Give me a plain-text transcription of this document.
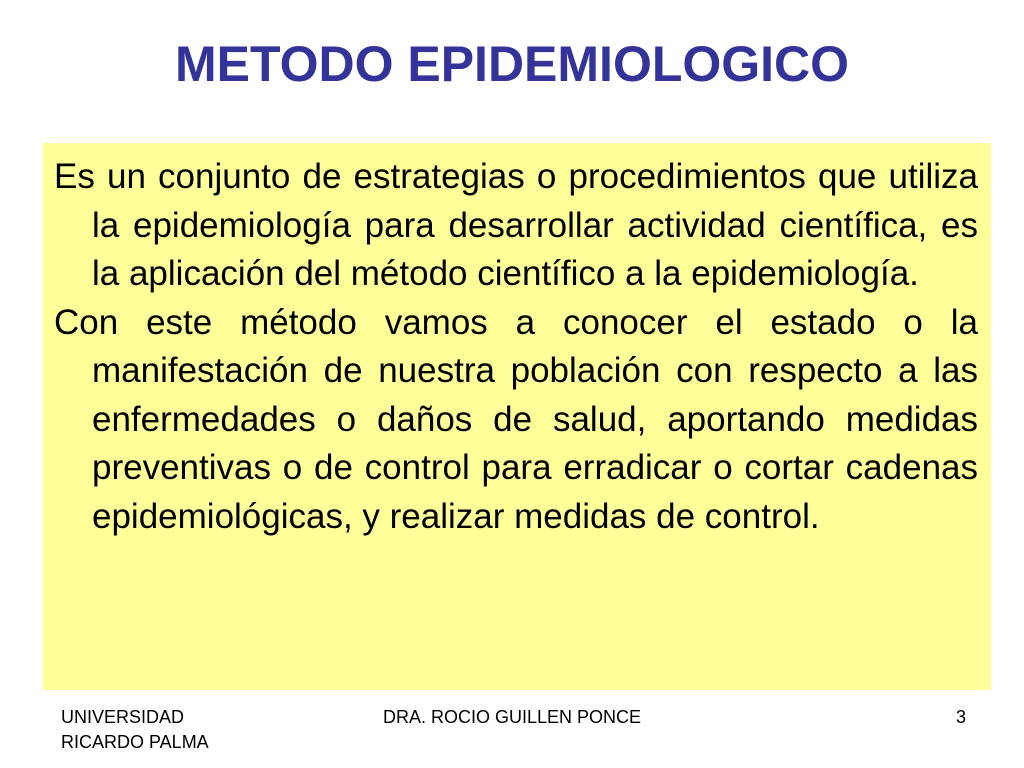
METODO EPIDEMIOLOGICO

Es un conjunto de estrategias o procedimientos que utiliza la epidemiología para desarrollar actividad científica, es la aplicación del método científico a la epidemiología.

Con este método vamos a conocer el estado o la manifestación de nuestra población con respecto a las enfermedades o daños de salud, aportando medidas preventivas o de control para erradicar o cortar cadenas epidemiológicas, y realizar medidas de control.

DRA. ROCIO GUILLEN PONCE
UNIVERSIDAD RICARDO PALMA
3
